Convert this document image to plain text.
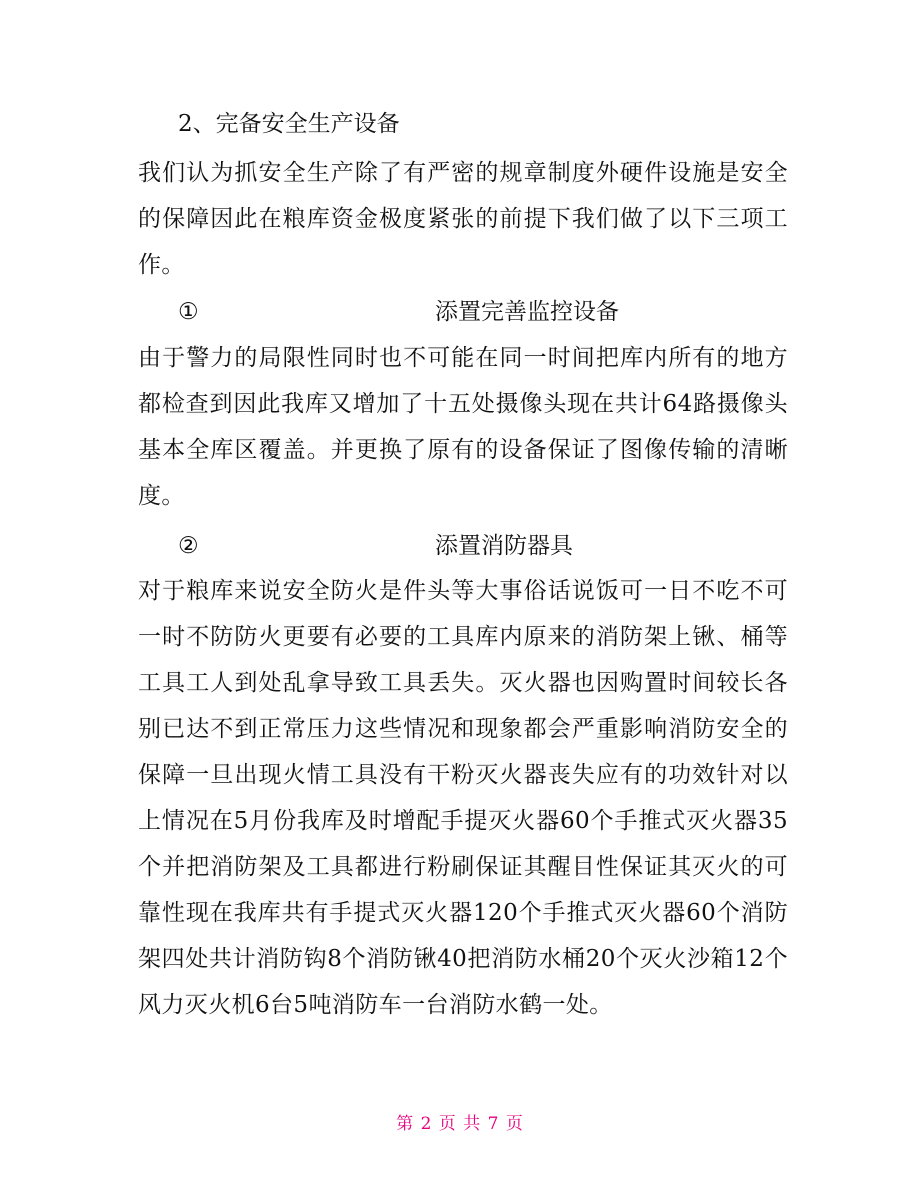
2、完备安全生产设备
我们认为抓安全生产除了有严密的规章制度外硬件设施是安全
的保障因此在粮库资金极度紧张的前提下我们做了以下三项工
作。
①	添置完善监控设备
由于警力的局限性同时也不可能在同一时间把库内所有的地方
都检查到因此我库又增加了十五处摄像头现在共计64路摄像头
基本全库区覆盖。并更换了原有的设备保证了图像传输的清晰
度。
②	添置消防器具
对于粮库来说安全防火是件头等大事俗话说饭可一日不吃不可
一时不防防火更要有必要的工具库内原来的消防架上锹、桶等
工具工人到处乱拿导致工具丢失。灭火器也因购置时间较长各
别已达不到正常压力这些情况和现象都会严重影响消防安全的
保障一旦出现火情工具没有干粉灭火器丧失应有的功效针对以
上情况在5月份我库及时增配手提灭火器60个手推式灭火器35
个并把消防架及工具都进行粉刷保证其醒目性保证其灭火的可
靠性现在我库共有手提式灭火器120个手推式灭火器60个消防
架四处共计消防钩8个消防锹40把消防水桶20个灭火沙箱12个
风力灭火机6台5吨消防车一台消防水鹤一处。
第 2 页 共 7 页
